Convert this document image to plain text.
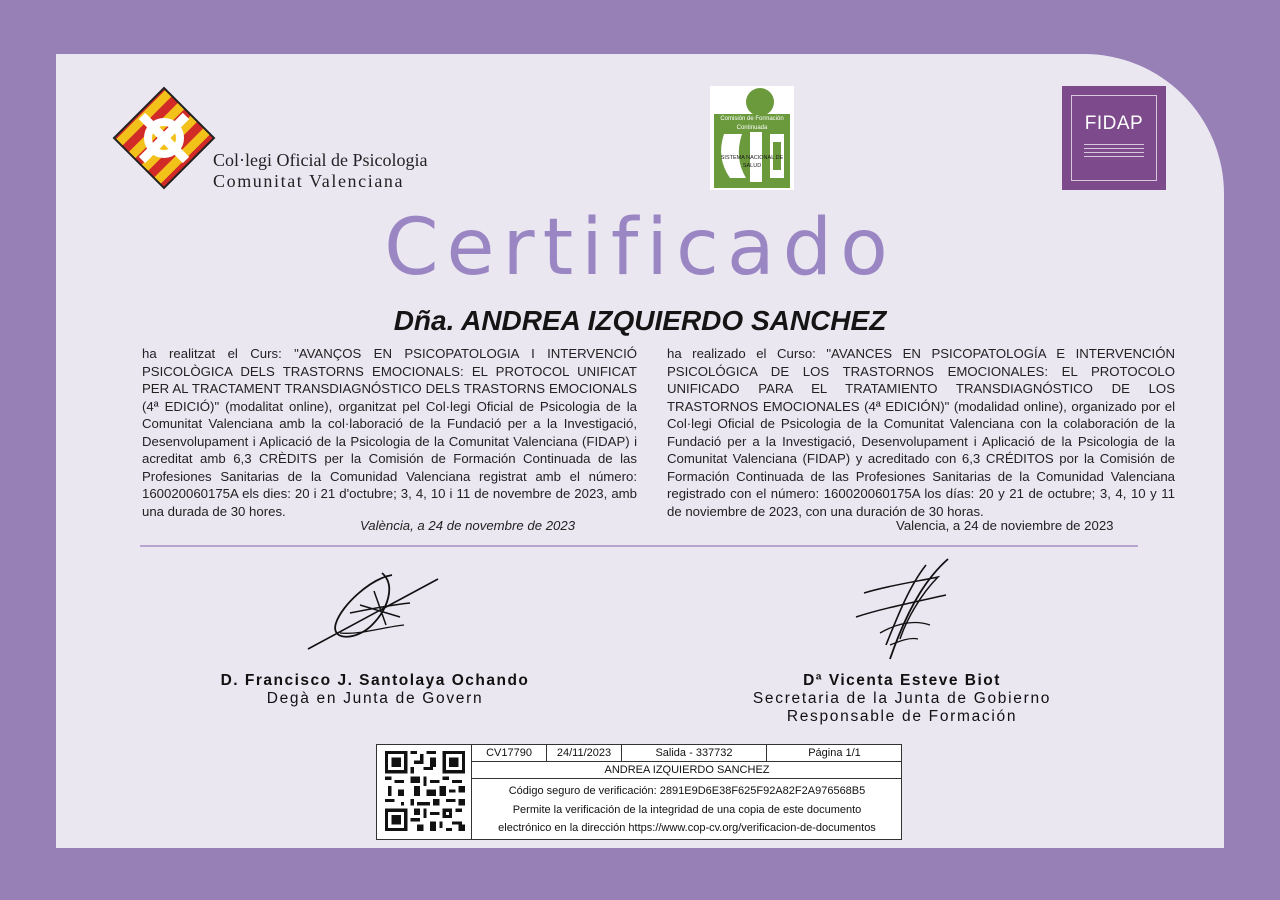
Col·legi Oficial de Psicologia
Comunitat Valenciana
Comisión de Formación Continuada
SISTEMA NACIONAL DE SALUD
FIDAP
Certificado
Dña. ANDREA IZQUIERDO SANCHEZ
ha realitzat el Curs: "AVANÇOS EN PSICOPATOLOGIA I INTERVENCIÓ PSICOLÒGICA DELS TRASTORNS EMOCIONALS: EL PROTOCOL UNIFICAT PER AL TRACTAMENT TRANSDIAGNÓSTICO DELS TRASTORNS EMOCIONALS (4ª EDICIÓ)" (modalitat online), organitzat pel Col·legi Oficial de Psicologia de la Comunitat Valenciana amb la col·laboració de la Fundació per a la Investigació, Desenvolupament i Aplicació de la Psicologia de la Comunitat Valenciana (FIDAP) i acreditat amb 6,3 CRÈDITS per la Comisión de Formación Continuada de las Profesiones Sanitarias de la Comunidad Valenciana registrat amb el número: 160020060175A els dies: 20 i 21 d'octubre; 3, 4, 10 i 11 de novembre de 2023, amb una durada de 30 hores.
ha realizado el Curso: "AVANCES EN PSICOPATOLOGÍA E INTERVENCIÓN PSICOLÓGICA DE LOS TRASTORNOS EMOCIONALES: EL PROTOCOLO UNIFICADO PARA EL TRATAMIENTO TRANSDIAGNÓSTICO DE LOS TRASTORNOS EMOCIONALES (4ª EDICIÓN)" (modalidad online), organizado por el Col·legi Oficial de Psicologia de la Comunitat Valenciana con la colaboración de la Fundació per a la Investigació, Desenvolupament i Aplicació de la Psicologia de la Comunitat Valenciana (FIDAP) y acreditado con 6,3 CRÉDITOS por la Comisión de Formación Continuada de las Profesiones Sanitarias de la Comunidad Valenciana registrado con el número: 160020060175A los días: 20 y 21 de octubre; 3, 4, 10 y 11 de noviembre de 2023, con una duración de 30 horas.
València, a 24 de novembre de 2023	Valencia, a 24 de noviembre de 2023
D. Francisco J. Santolaya Ochando
Degà en Junta de Govern
Dª Vicenta Esteve Biot
Secretaria de la Junta de Gobierno
Responsable de Formación
CV17790	24/11/2023	Salida - 337732	Página 1/1
ANDREA IZQUIERDO SANCHEZ
Código seguro de verificación: 2891E9D6E38F625F92A82F2A976568B5
Permite la verificación de la integridad de una copia de este documento
electrónico en la dirección https://www.cop-cv.org/verificacion-de-documentos
